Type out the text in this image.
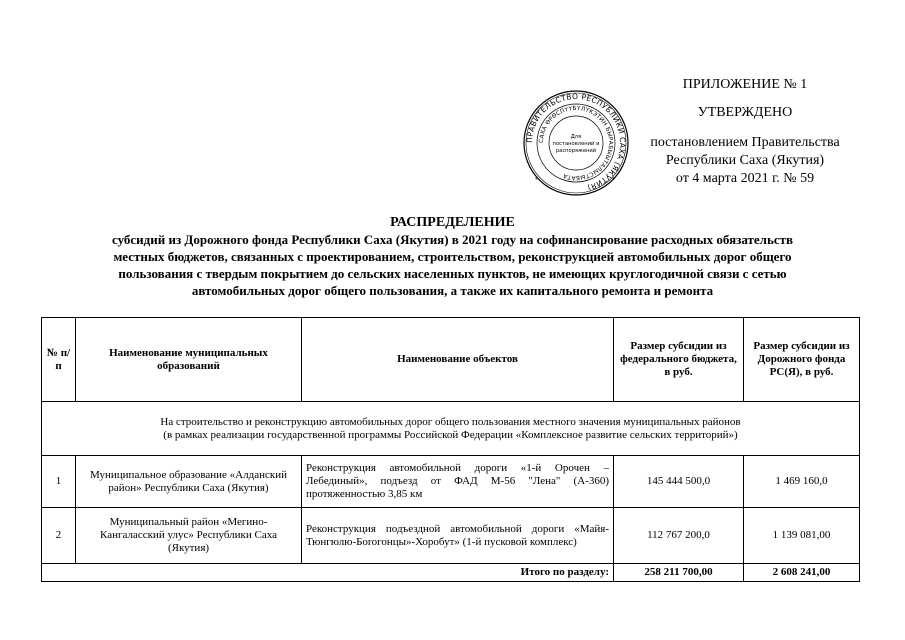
ПРИЛОЖЕНИЕ № 1
УТВЕРЖДЕНО
постановлением Правительства
Республики Саха (Якутия)
от 4 марта 2021 г. № 59
ПРАВИТЕЛЬСТВО РЕСПУБЛИКИ САХА (ЯКУТИЯ)
САХА ӨРӨСПҮҮБҮЛҮКЭТИН БЫРАБЫЫТАЛЫСТЫБАТА
Для
постановлений и
распоряжений
*	*
РАСПРЕДЕЛЕНИЕ
субсидий из Дорожного фонда Республики Саха (Якутия) в 2021 году на софинансирование расходных обязательств
местных бюджетов, связанных с проектированием, строительством, реконструкцией автомобильных дорог общего
пользования с твердым покрытием до сельских населенных пунктов, не имеющих круглогодичной связи с сетью
автомобильных дорог общего пользования, а также их капитального ремонта и ремонта
№ п/п	Наименование муниципальных образований	Наименование объектов	Размер субсидии из федерального бюджета, в руб.	Размер субсидии из Дорожного фонда РС(Я), в руб.

На строительство и реконструкцию автомобильных дорог общего пользования местного значения муниципальных районов
(в рамках реализации государственной программы Российской Федерации «Комплексное развитие сельских территорий»)				

1	Муниципальное образование «Алданский район» Республики Саха (Якутия)	Реконструкция автомобильной дороги «1-й Орочен – Лебединый», подъезд от ФАД М-56 "Лена" (А-360) протяженностью 3,85 км	145 444 500,0	1 469 160,0
2	Муниципальный район «Мегино-Кангаласский улус» Республики Саха (Якутия)	Реконструкция подъездной автомобильной дороги «Майя-Тюнгюлю-Бorогонцы»-Хоробут» (1-й пусковой комплекс)	112 767 200,0	1 139 081,00
Итого по разделу:			258 211 700,00	2 608 241,00
